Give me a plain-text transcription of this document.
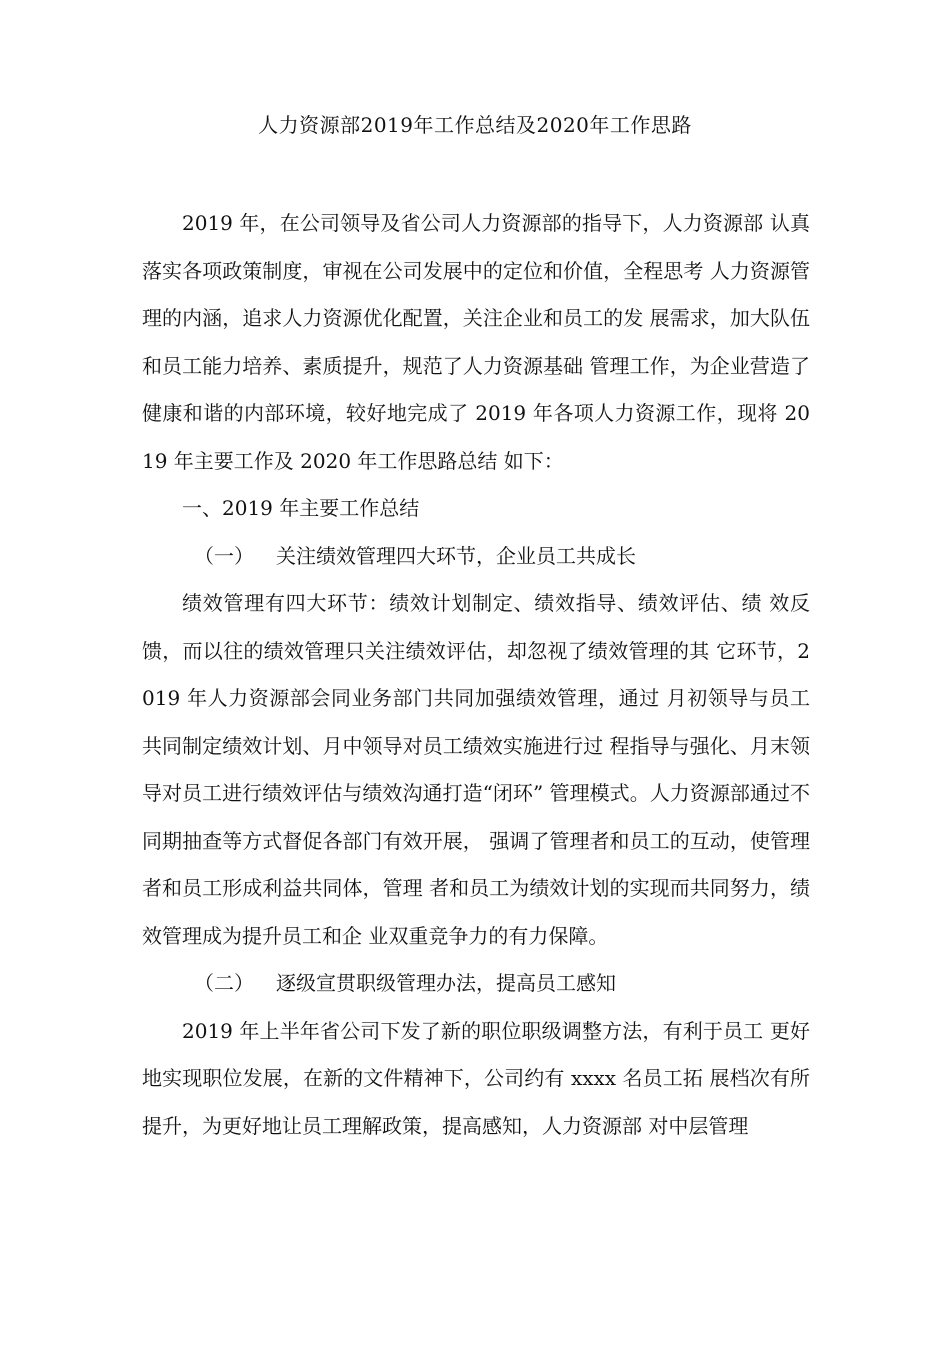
人力资源部2019年工作总结及2020年工作思路

2019 年，在公司领导及省公司人力资源部的指导下，人力资源部 认真落实各项政策制度，审视在公司发展中的定位和价值，全程思考 人力资源管理的内涵，追求人力资源优化配置，关注企业和员工的发 展需求，加大队伍和员工能力培养、素质提升，规范了人力资源基础 管理工作，为企业营造了健康和谐的内部环境，较好地完成了 2019 年各项人力资源工作，现将 2019 年主要工作及 2020 年工作思路总结 如下：

一、2019 年主要工作总结

（一） 关注绩效管理四大环节，企业员工共成长

绩效管理有四大环节：绩效计划制定、绩效指导、绩效评估、绩 效反馈，而以往的绩效管理只关注绩效评估，却忽视了绩效管理的其 它环节，2019 年人力资源部会同业务部门共同加强绩效管理，通过 月初领导与员工共同制定绩效计划、月中领导对员工绩效实施进行过 程指导与强化、月末领导对员工进行绩效评估与绩效沟通打造“闭环” 管理模式。人力资源部通过不同期抽查等方式督促各部门有效开展， 强调了管理者和员工的互动，使管理者和员工形成利益共同体，管理 者和员工为绩效计划的实现而共同努力，绩效管理成为提升员工和企 业双重竞争力的有力保障。

（二） 逐级宣贯职级管理办法，提高员工感知

2019 年上半年省公司下发了新的职位职级调整方法，有利于员工 更好地实现职位发展，在新的文件精神下，公司约有 xxxx 名员工拓 展档次有所提升，为更好地让员工理解政策，提高感知，人力资源部 对中层管理
